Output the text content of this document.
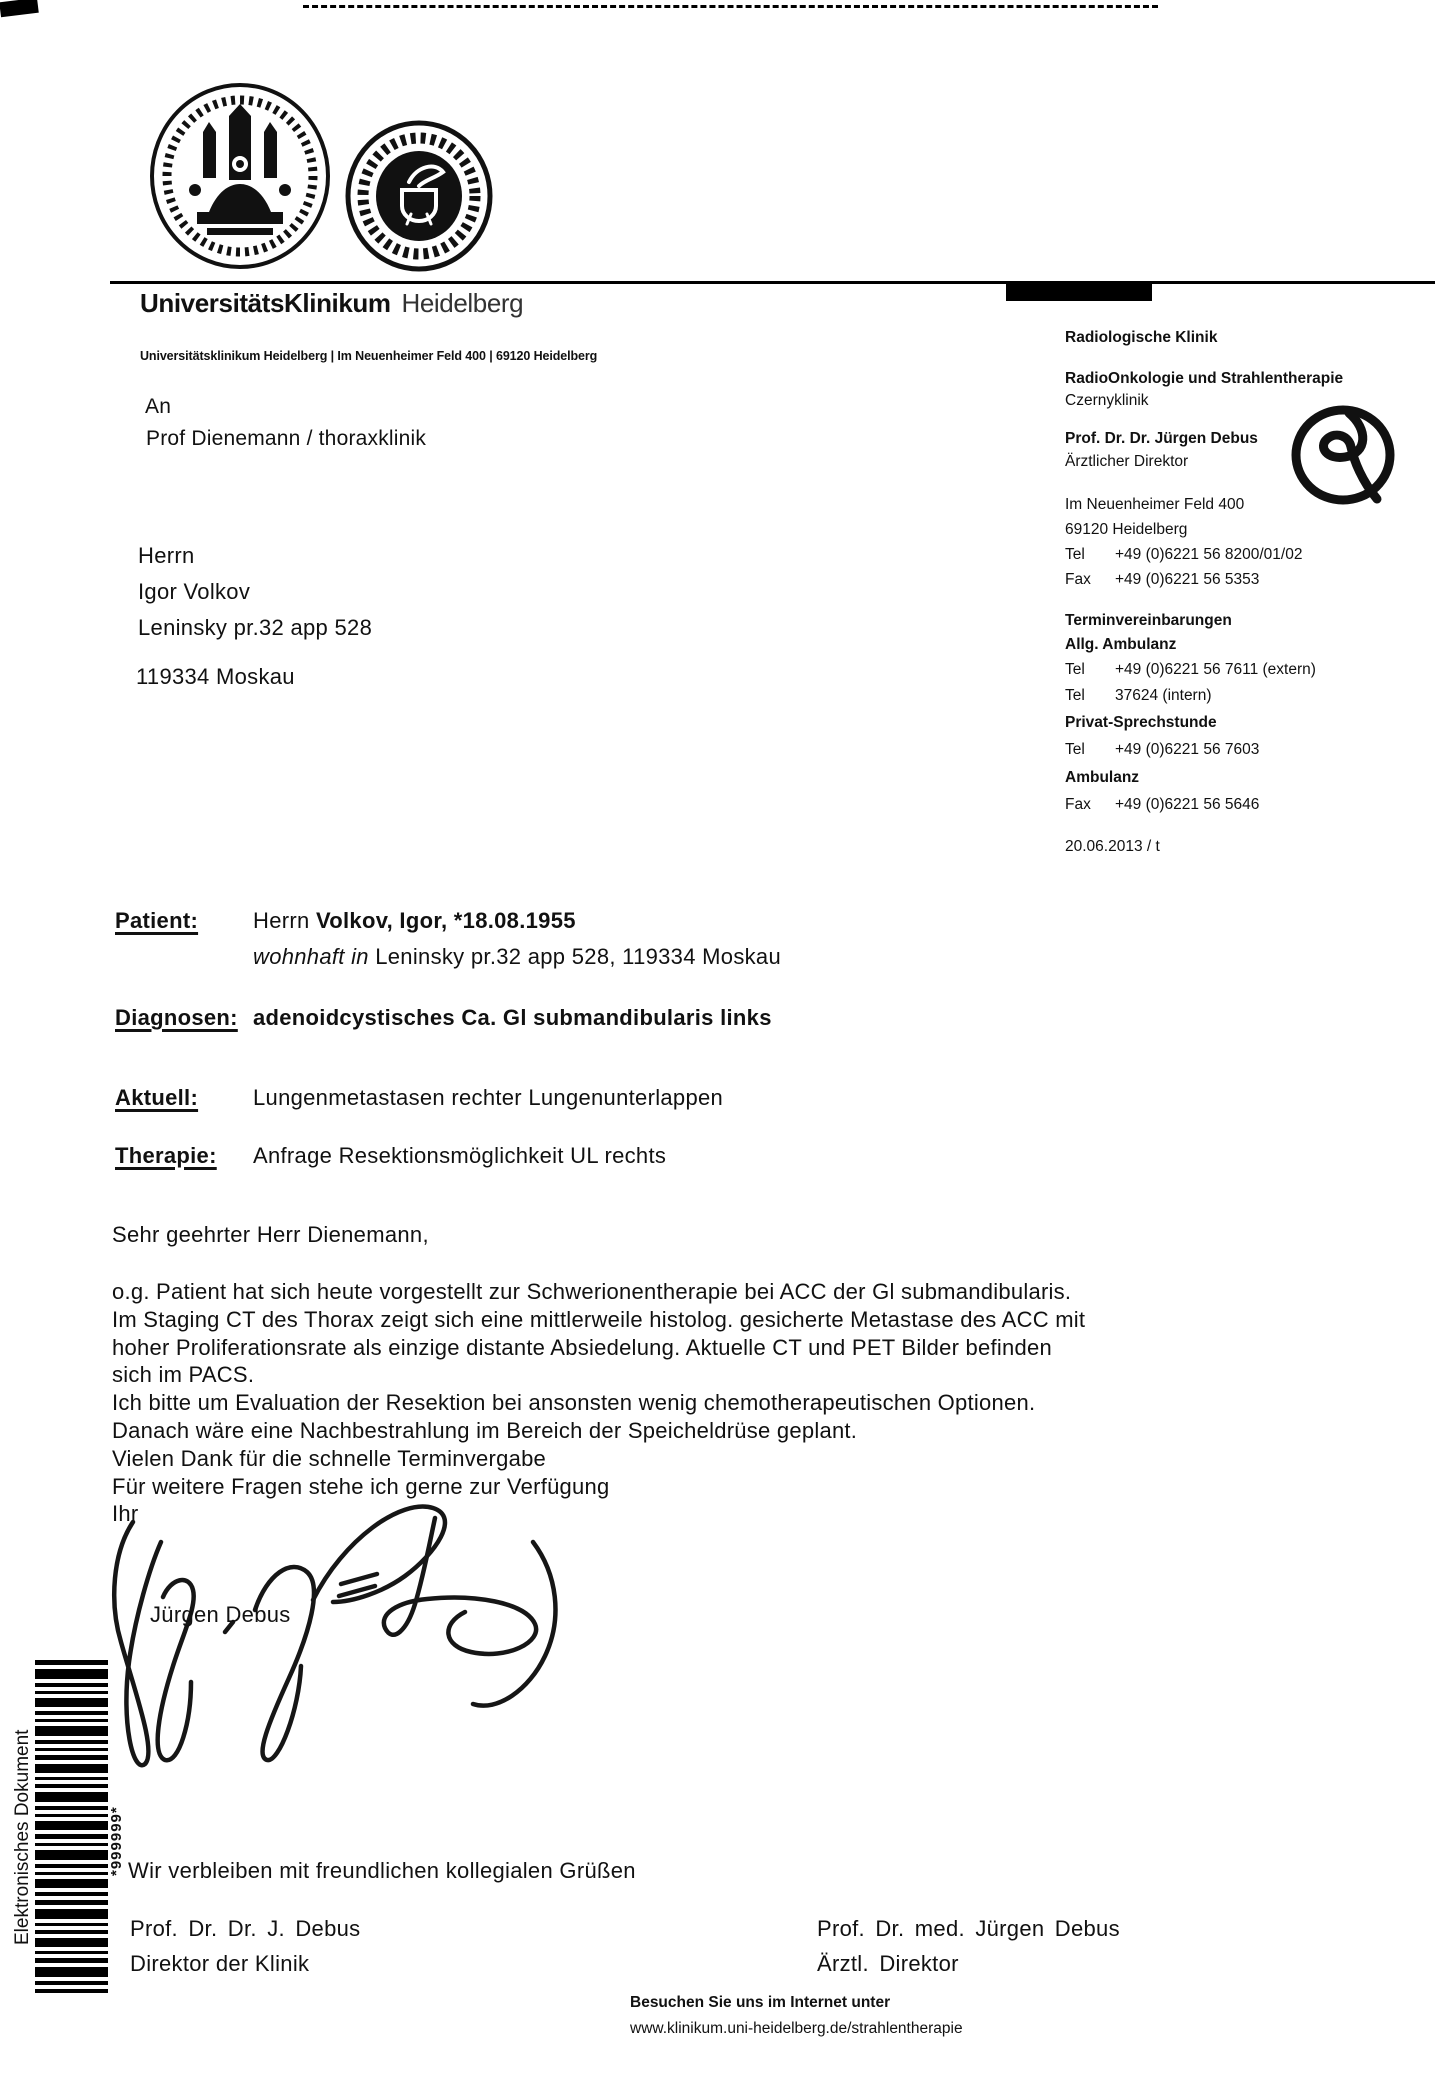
UniversitätsKlinikum Heidelberg
Universitätsklinikum Heidelberg | Im Neuenheimer Feld 400 | 69120 Heidelberg
An
Prof Dienemann / thoraxklinik
Herrn
Igor Volkov
Leninsky pr.32 app 528
119334 Moskau
Radiologische Klinik
RadioOnkologie und Strahlentherapie
Czernyklinik
Prof. Dr. Dr. Jürgen Debus
Ärztlicher Direktor
Im Neuenheimer Feld 400
69120 Heidelberg
Tel	+49 (0)6221 56 8200/01/02
Fax	+49 (0)6221 56 5353
Terminvereinbarungen
Allg. Ambulanz
Tel	+49 (0)6221 56 7611 (extern)
Tel	37624 (intern)
Privat-Sprechstunde
Tel	+49 (0)6221 56 7603
Ambulanz
Fax	+49 (0)6221 56 5646
20.06.2013 / t
Patient: Herrn Volkov, Igor, *18.08.1955
wohnhaft in Leninsky pr.32 app 528, 119334 Moskau
Diagnosen: adenoidcystisches Ca. Gl submandibularis links
Aktuell: Lungenmetastasen rechter Lungenunterlappen
Therapie: Anfrage Resektionsmöglichkeit UL rechts
Sehr geehrter Herr Dienemann,
o.g. Patient hat sich heute vorgestellt zur Schwerionentherapie bei ACC der Gl submandibularis.
Im Staging CT des Thorax zeigt sich eine mittlerweile histolog. gesicherte Metastase des ACC mit
hoher Proliferationsrate als einzige distante Absiedelung. Aktuelle CT und PET Bilder befinden
sich im PACS.
Ich bitte um Evaluation der Resektion bei ansonsten wenig chemotherapeutischen Optionen.
Danach wäre eine Nachbestrahlung im Bereich der Speicheldrüse geplant.
Vielen Dank für die schnelle Terminvergabe
Für weitere Fragen stehe ich gerne zur Verfügung
Ihr
Jürgen Debus
Elektronisches Dokument	*999999* Wir verbleiben mit freundlichen kollegialen Grüßen
Prof. Dr. Dr. J. Debus
Direktor der Klinik
Prof. Dr. med. Jürgen Debus
Ärztl. Direktor
Besuchen Sie uns im Internet unter
www.klinikum.uni-heidelberg.de/strahlentherapie
